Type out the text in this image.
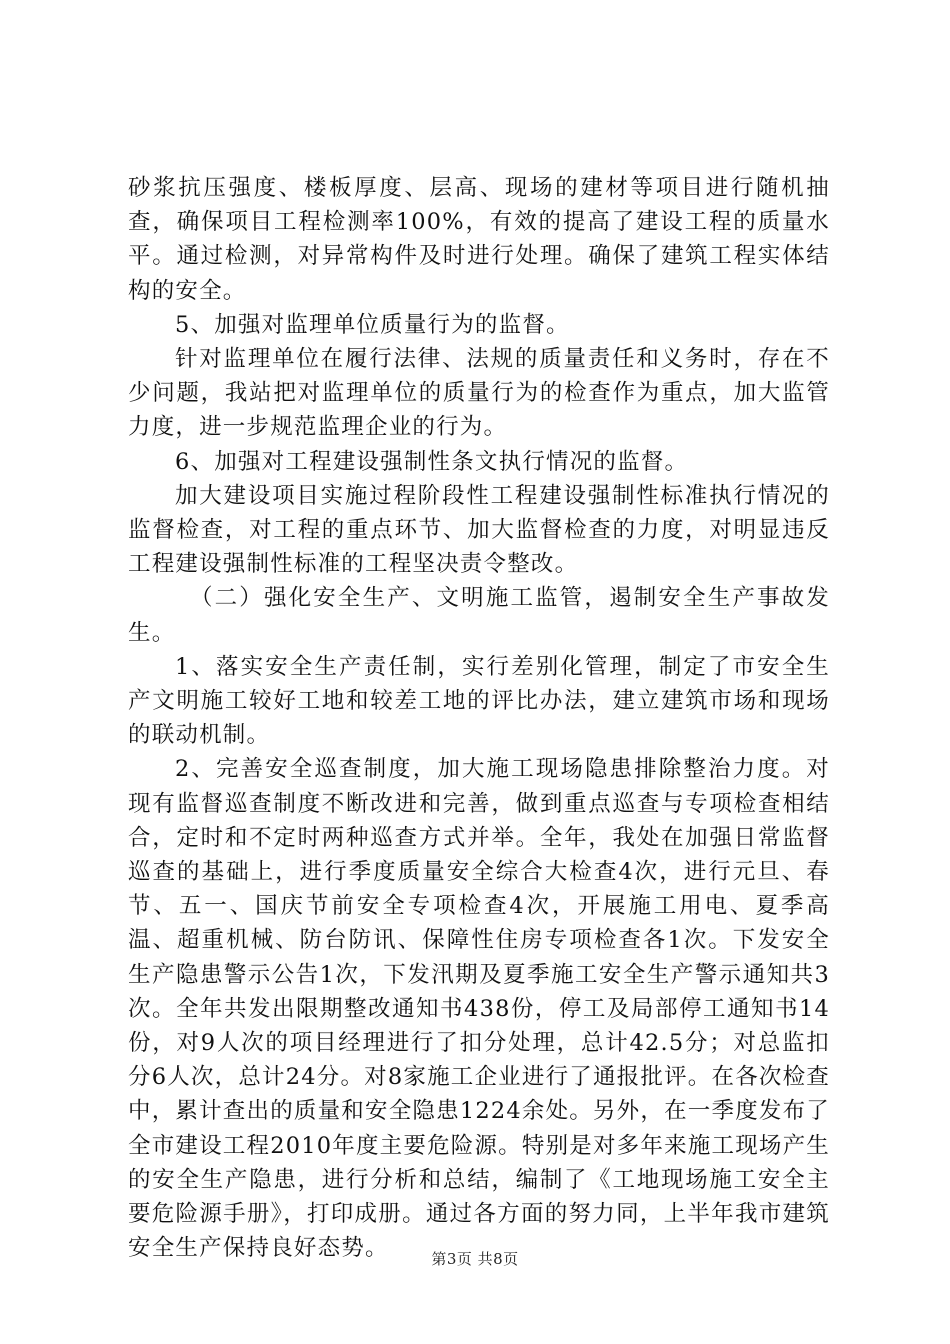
砂浆抗压强度、楼板厚度、层高、现场的建材等项目进行随机抽查，确保项目工程检测率100%，有效的提高了建设工程的质量水平。通过检测，对异常构件及时进行处理。确保了建筑工程实体结构的安全。

5、加强对监理单位质量行为的监督。

针对监理单位在履行法律、法规的质量责任和义务时，存在不少问题，我站把对监理单位的质量行为的检查作为重点，加大监管力度，进一步规范监理企业的行为。

6、加强对工程建设强制性条文执行情况的监督。

加大建设项目实施过程阶段性工程建设强制性标准执行情况的监督检查，对工程的重点环节、加大监督检查的力度，对明显违反工程建设强制性标准的工程坚决责令整改。

（二）强化安全生产、文明施工监管，遏制安全生产事故发生。

1、落实安全生产责任制，实行差别化管理，制定了市安全生产文明施工较好工地和较差工地的评比办法，建立建筑市场和现场的联动机制。

2、完善安全巡查制度，加大施工现场隐患排除整治力度。对现有监督巡查制度不断改进和完善，做到重点巡查与专项检查相结合，定时和不定时两种巡查方式并举。全年，我处在加强日常监督巡查的基础上，进行季度质量安全综合大检查4次，进行元旦、春节、五一、国庆节前安全专项检查4次，开展施工用电、夏季高温、超重机械、防台防讯、保障性住房专项检查各1次。下发安全生产隐患警示公告1次，下发汛期及夏季施工安全生产警示通知共3次。全年共发出限期整改通知书438份，停工及局部停工通知书14份，对9人次的项目经理进行了扣分处理，总计42.5分；对总监扣分6人次，总计24分。对8家施工企业进行了通报批评。在各次检查中，累计查出的质量和安全隐患1224余处。另外，在一季度发布了全市建设工程2010年度主要危险源。特别是对多年来施工现场产生的安全生产隐患，进行分析和总结，编制了《工地现场施工安全主要危险源手册》，打印成册。通过各方面的努力同，上半年我市建筑安全生产保持良好态势。	第3页 共8页
